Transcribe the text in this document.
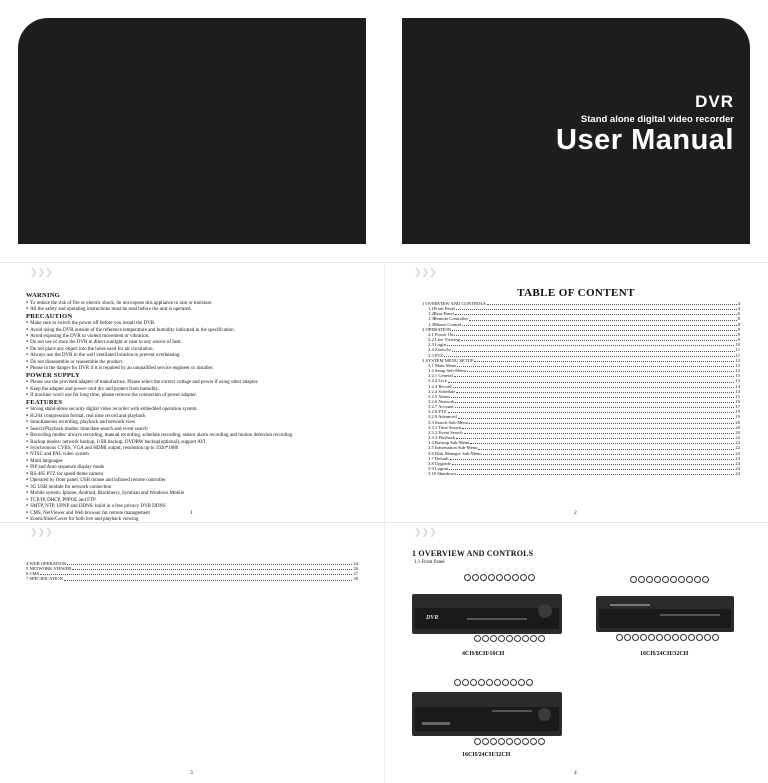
❯❯❯	❯❯❯
❯❯❯	❯❯❯
DVR
Stand alone digital video recorder
User Manual
WARNING
● To reduce the risk of fire or electric shock, do not expose this appliance to rain or moisture.
● All the safety and operating instructions must be read before the unit is operated.
PRECAUTION
● Make sure to switch the power off before you install the DVR.
● Avoid using the DVR outside of the reference temperature and humidity indicated in the specification.
● Avoid exposing the DVR to violent movement or vibration.
● Do not use or store the DVR in direct sunlight or near to any source of heat.
● Do not place any object into the holes used for air circulation.
● Always use the DVR in the well ventilated location to prevent overheating.
● Do not disassemble or reassemble the product.
● Please in the danger for DVR if it is repaired by an unqualified service engineer or installer.
POWER SUPPLY
● Please use the provided adapter of manufacture. Please select the correct voltage and power if using other adapter.
● Keep the adapter and power cord dry and protect from humidity.
● If machine won't use for long time, please remove the connection of power adapter.
FEATURES
● Strong stand-alone security digital video recorder with embedded operation system.
● H.264 compression format, real time record and playback
● Simultaneous recording, playback and network view
● Search/Playback modes: time/date search and event search
● Recording modes: always recording, manual recording, schedule recording, sensor alarm recording and motion detection recording
● Backup modes: network backup, USB backup, DVDRW backup(optional), support AVI
● Synchronous CVBS, VGA and HDMI output, resolution up to 1920*1080
● NTSC and PAL video system
● Multi languages
● PIP and Auto sequence display mode
● RS-485 PTZ for speed dome camera
● Operated by front panel, USB mouse and infrared remote controller
● 3G USB module for network connection
● Mobile system: Iphone, Android, Blackberry, Symbian and Windows Mobile
● TCP/IP, DHCP, PPPOE and FTP
● SMTP, NTP, UPNP and DDNS, build in a free privacy DVR DDNS
● CMS, NetViewer and Web browser for remote management
● Zoom/Slide/Cover for both live and playback viewing
1
TABLE OF CONTENT
1 OVERVIEW AND CONTROLS	4
1.1Front Panel	4
1.2Rear Panel	6
1.3Remote Controller	8
1.4Mouse Control	8
2 OPERATION	9
2.1 Power On	9
2.2 Live Viewing	9
2.3 Login	10
2.4 Zoom In	11
2.5 PTZ	11
3 SYSTEM MENU SETUP	12
3.1 Main Menu	12
3.2 Setup Sub-Menu	12
3.2.1 General	13
3.2.2 Live	13
3.2.3 Record	14
3.2.4 Schedule	14
3.2.5 Alarm	15
3.2.6 Network	16
3.2.7 Account	17
3.2.8 PTZ	19
3.2.9 Advanced	19
3.3 Search Sub-Menu	20
3.3.1 Time Search	20
3.3.2 Event Search	20
3.3.3 Playback	22
3.4 Backup Sub-Menu	22
3.5 Information Sub-Menu	22
3.6 Disk Manager Sub-Menu	23
3.7 Default	23
3.8 Upgrade	24
3.9 Logout	24
3.10 Shutdown	24
2
4 WEB OPERATION	24
5 NETWORK VIEWER	26
6 CMS	27
7 SPECIFICATION	30
3
1 OVERVIEW AND CONTROLS
1.1 Front Panel
DVR
4CH/8CH/16CH	16CH/24CH/32CH
16CH/24CH/32CH
4
